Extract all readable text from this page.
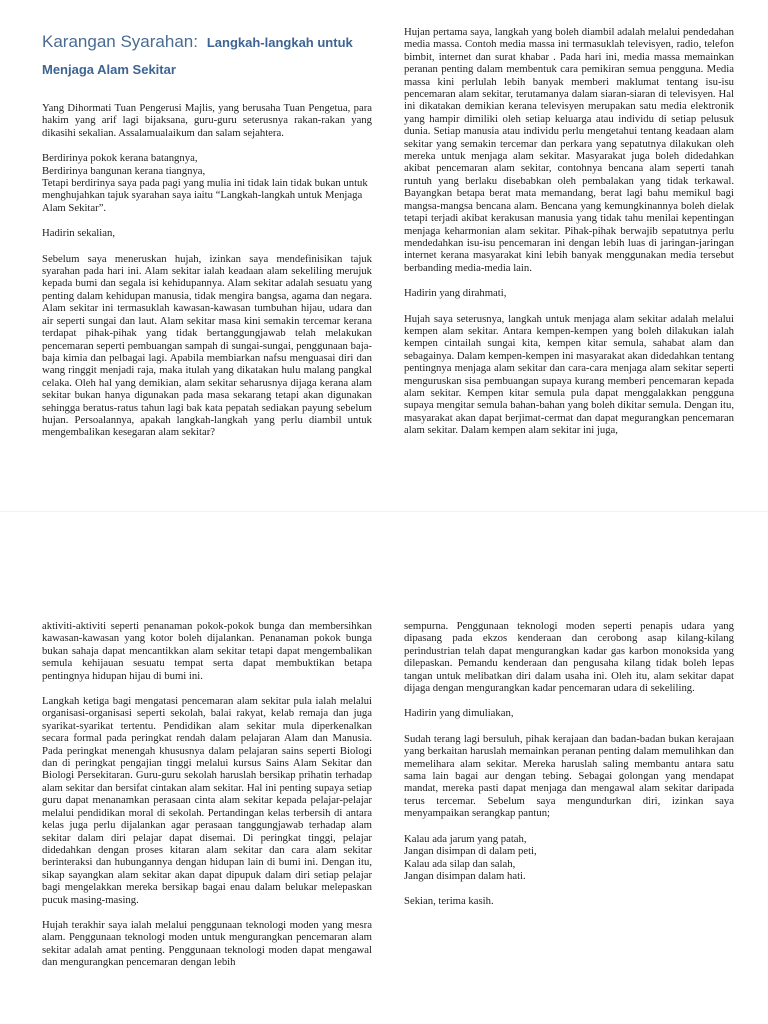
Karangan Syarahan: Langkah-langkah untuk Menjaga Alam Sekitar

Yang Dihormati Tuan Pengerusi Majlis, yang berusaha Tuan Pengetua, para hakim yang arif lagi bijaksana, guru-guru seterusnya rakan-rakan yang dikasihi sekalian. Assalamualaikum dan salam sejahtera.

Berdirinya pokok kerana batangnya,
Berdirinya bangunan kerana tiangnya,
Tetapi berdirinya saya pada pagi yang mulia ini tidak lain tidak bukan untuk menghujahkan tajuk syarahan saya iaitu “Langkah-langkah untuk Menjaga Alam Sekitar”.

Hadirin sekalian,

Sebelum saya meneruskan hujah, izinkan saya mendefinisikan tajuk syarahan pada hari ini. Alam sekitar ialah keadaan alam sekeliling merujuk kepada bumi dan segala isi kehidupannya. Alam sekitar adalah sesuatu yang penting dalam kehidupan manusia, tidak mengira bangsa, agama dan negara. Alam sekitar ini termasuklah kawasan-kawasan tumbuhan hijau, udara dan air seperti sungai dan laut. Alam sekitar masa kini semakin tercemar kerana terdapat pihak-pihak yang tidak bertanggungjawab telah melakukan pencemaran seperti pembuangan sampah di sungai-sungai, penggunaan baja-baja kimia dan pelbagai lagi. Apabila membiarkan nafsu menguasai diri dan wang ringgit menjadi raja, maka itulah yang dikatakan hulu malang pangkal celaka. Oleh hal yang demikian, alam sekitar seharusnya dijaga kerana alam sekitar bukan hanya digunakan pada masa sekarang tetapi akan digunakan sehingga beratus-ratus tahun lagi bak kata pepatah sediakan payung sebelum hujan. Persoalannya, apakah langkah-langkah yang perlu diambil untuk mengembalikan kesegaran alam sekitar?

Hujan pertama saya, langkah yang boleh diambil adalah melalui pendedahan media massa. Contoh media massa ini termasuklah televisyen, radio, telefon bimbit, internet dan surat khabar . Pada hari ini, media massa memainkan peranan penting dalam membentuk cara pemikiran semua pengguna. Media massa kini perlulah lebih banyak memberi maklumat tentang isu-isu pencemaran alam sekitar, terutamanya dalam siaran-siaran di televisyen. Hal ini dikatakan demikian kerana televisyen merupakan satu media elektronik yang hampir dimiliki oleh setiap keluarga atau individu di setiap pelusuk dunia. Setiap manusia atau individu perlu mengetahui tentang keadaan alam sekitar yang semakin tercemar dan perkara yang sepatutnya dilakukan oleh mereka untuk menjaga alam sekitar. Masyarakat juga boleh didedahkan akibat pencemaran alam sekitar, contohnya bencana alam seperti tanah runtuh yang berlaku disebabkan oleh pembalakan yang tidak terkawal. Bayangkan betapa berat mata memandang, berat lagi bahu memikul bagi mangsa-mangsa bencana alam. Bencana yang kemungkinannya boleh dielak tetapi terjadi akibat kerakusan manusia yang tidak tahu menilai kepentingan menjaga keharmonian alam sekitar. Pihak-pihak berwajib sepatutnya perlu mendedahkan isu-isu pencemaran ini dengan lebih luas di jaringan-jaringan internet kerana masyarakat kini lebih banyak menggunakan media tersebut berbanding media-media lain.

Hadirin yang dirahmati,

Hujah saya seterusnya, langkah untuk menjaga alam sekitar adalah melalui kempen alam sekitar. Antara kempen-kempen yang boleh dilakukan ialah kempen cintailah sungai kita, kempen kitar semula, sahabat alam dan sebagainya. Dalam kempen-kempen ini masyarakat akan didedahkan tentang pentingnya menjaga alam sekitar dan cara-cara menjaga alam sekitar seperti menguruskan sisa pembuangan supaya kurang memberi pencemaran kepada alam sekitar. Kempen kitar semula pula dapat menggalakkan pengguna supaya mengitar semula bahan-bahan yang boleh dikitar semula. Dengan itu, masyarakat akan dapat berjimat-cermat dan dapat megurangkan pencemaran alam sekitar. Dalam kempen alam sekitar ini juga,

aktiviti-aktiviti seperti penanaman pokok-pokok bunga dan membersihkan kawasan-kawasan yang kotor boleh dijalankan. Penanaman pokok bunga bukan sahaja dapat mencantikkan alam sekitar tetapi dapat mengembalikan semula kehijauan sesuatu tempat serta dapat membuktikan betapa pentingnya hidupan hijau di bumi ini.

Langkah ketiga bagi mengatasi pencemaran alam sekitar pula ialah melalui organisasi-organisasi seperti sekolah, balai rakyat, kelab remaja dan juga syarikat-syarikat tertentu. Pendidikan alam sekitar mula diperkenalkan secara formal pada peringkat rendah dalam pelajaran Alam dan Manusia. Pada peringkat menengah khususnya dalam pelajaran sains seperti Biologi dan di peringkat pengajian tinggi melalui kursus Sains Alam Sekitar dan Biologi Persekitaran. Guru-guru sekolah haruslah bersikap prihatin terhadap alam sekitar dan bersifat cintakan alam sekitar. Hal ini penting supaya setiap guru dapat menanamkan perasaan cinta alam sekitar kepada pelajar-pelajar melalui pendidikan moral di sekolah. Pertandingan kelas terbersih di antara kelas juga perlu dijalankan agar perasaan tanggungjawab terhadap alam sekitar dalam diri pelajar dapat disemai. Di peringkat tinggi, pelajar didedahkan dengan proses kitaran alam sekitar dan cara alam sekitar berinteraksi dan hubungannya dengan hidupan lain di bumi ini. Dengan itu, sikap sayangkan alam sekitar akan dapat dipupuk dalam diri setiap pelajar bagi mengelakkan mereka bersikap bagai enau dalam belukar melepaskan pucuk masing-masing.

Hujah terakhir saya ialah melalui penggunaan teknologi moden yang mesra alam. Penggunaan teknologi moden untuk mengurangkan pencemaran alam sekitar adalah amat penting. Penggunaan teknologi moden dapat mengawal dan mengurangkan pencemaran dengan lebih

sempurna. Penggunaan teknologi moden seperti penapis udara yang dipasang pada ekzos kenderaan dan cerobong asap kilang-kilang perindustrian telah dapat mengurangkan kadar gas karbon monoksida yang dilepaskan. Pemandu kenderaan dan pengusaha kilang tidak boleh lepas tangan untuk melibatkan diri dalam usaha ini. Oleh itu, alam sekitar dapat dijaga dengan mengurangkan kadar pencemaran udara di sekeliling.

Hadirin yang dimuliakan,

Sudah terang lagi bersuluh, pihak kerajaan dan badan-badan bukan kerajaan yang berkaitan haruslah memainkan peranan penting dalam memulihkan dan memelihara alam sekitar. Mereka haruslah saling membantu antara satu sama lain bagai aur dengan tebing. Sebagai golongan yang mendapat mandat, mereka pasti dapat menjaga dan mengawal alam sekitar daripada terus tercemar. Sebelum saya mengundurkan diri, izinkan saya menyampaikan serangkap pantun;

Kalau ada jarum yang patah,
Jangan disimpan di dalam peti,
Kalau ada silap dan salah,
Jangan disimpan dalam hati.

Sekian, terima kasih.
